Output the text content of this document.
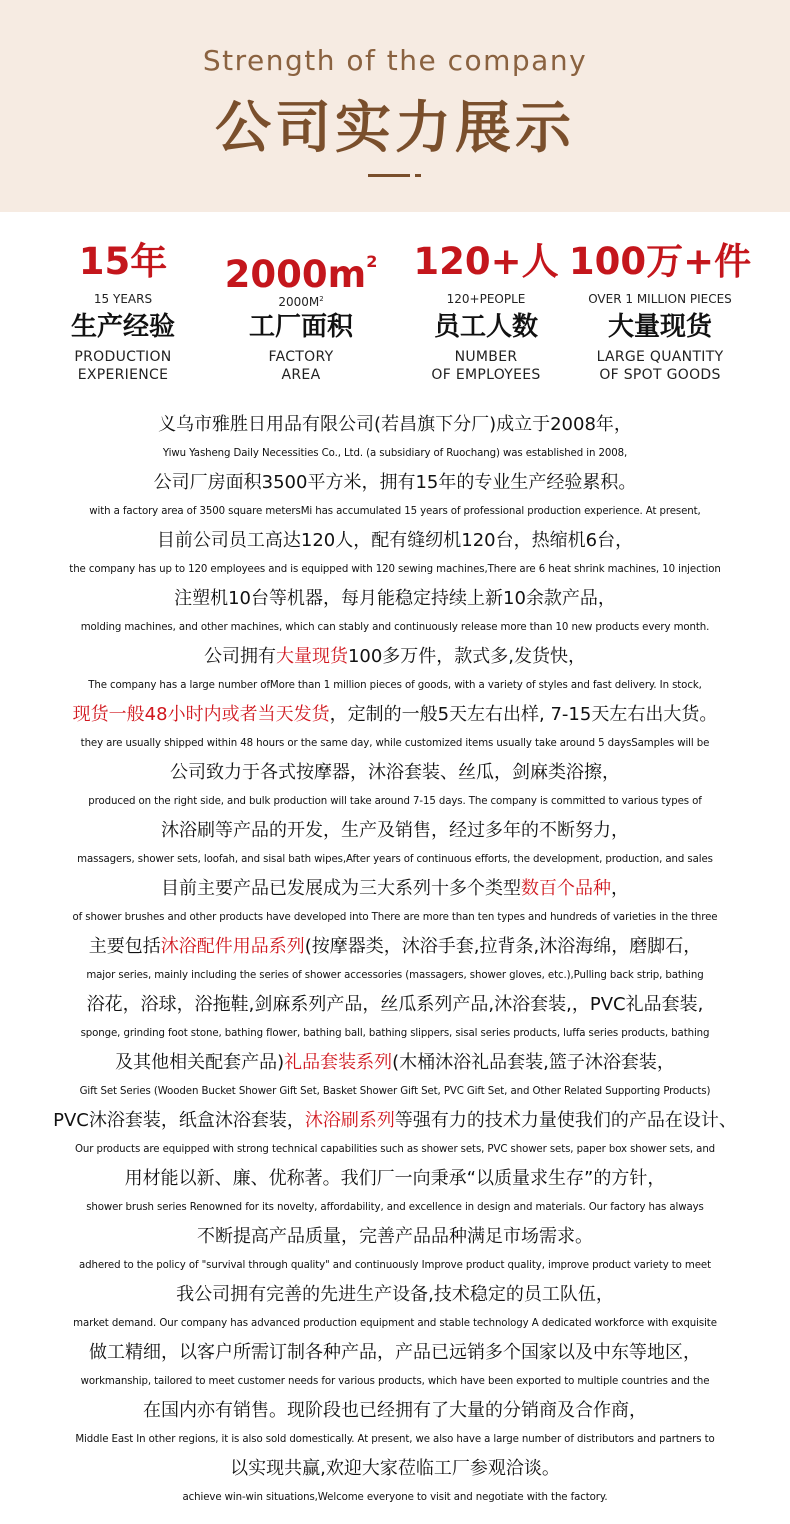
Strength of the company
公司实力展示
15年
15 YEARS
生产经验
PRODUCTION
EXPERIENCE
$2000m^2$
$2000M^2$
工厂面积
FACTORY
AREA
120+人
120+PEOPLE
员工人数
NUMBER
OF EMPLOYEES
100万+件
OVER 1 MILLION PIECES
大量现货
LARGE QUANTITY
OF SPOT GOODS
义乌市雅胜日用品有限公司(若昌旗下分厂)成立于2008年，
Yiwu Yasheng Daily Necessities Co., Ltd. (a subsidiary of Ruochang) was established in 2008,
公司厂房面积3500平方米，拥有15年的专业生产经验累积。
with a factory area of 3500 square metersMi has accumulated 15 years of professional production experience. At present,
目前公司员工高达120人，配有缝纫机120台，热缩机6台，
the company has up to 120 employees and is equipped with 120 sewing machines,There are 6 heat shrink machines, 10 injection
注塑机10台等机器，每月能稳定持续上新10余款产品，
molding machines, and other machines, which can stably and continuously release more than 10 new products every month.
公司拥有大量现货100多万件，款式多,发货快，
The company has a large number ofMore than 1 million pieces of goods, with a variety of styles and fast delivery. In stock,
现货一般48小时内或者当天发货，定制的一般5天左右出样, 7-15天左右出大货。
they are usually shipped within 48 hours or the same day, while customized items usually take around 5 daysSamples will be
公司致力于各式按摩器，沐浴套装、丝瓜，剑麻类浴擦，
produced on the right side, and bulk production will take around 7-15 days. The company is committed to various types of
沐浴刷等产品的开发，生产及销售，经过多年的不断努力，
massagers, shower sets, loofah, and sisal bath wipes,After years of continuous efforts, the development, production, and sales
目前主要产品已发展成为三大系列十多个类型数百个品种，
of shower brushes and other products have developed into There are more than ten types and hundreds of varieties in the three
主要包括沐浴配件用品系列(按摩器类，沐浴手套,拉背条,沐浴海绵，磨脚石，
major series, mainly including the series of shower accessories (massagers, shower gloves, etc.),Pulling back strip, bathing
浴花，浴球，浴拖鞋,剑麻系列产品，丝瓜系列产品,沐浴套装,，PVC礼品套装,
sponge, grinding foot stone, bathing flower, bathing ball, bathing slippers, sisal series products, luffa series products, bathing
及其他相关配套产品)礼品套装系列(木桶沐浴礼品套装,篮子沐浴套装，
Gift Set Series (Wooden Bucket Shower Gift Set, Basket Shower Gift Set, PVC Gift Set, and Other Related Supporting Products)
PVC沐浴套装，纸盒沐浴套装，沐浴刷系列等强有力的技术力量使我们的产品在设计、
Our products are equipped with strong technical capabilities such as shower sets, PVC shower sets, paper box shower sets, and
用材能以新、廉、优称著。我们厂一向秉承“以质量求生存”的方针，
shower brush series Renowned for its novelty, affordability, and excellence in design and materials. Our factory has always
不断提高产品质量，完善产品品种满足市场需求。
adhered to the policy of "survival through quality" and continuously Improve product quality, improve product variety to meet
我公司拥有完善的先进生产设备,技术稳定的员工队伍，
market demand. Our company has advanced production equipment and stable technology A dedicated workforce with exquisite
做工精细，以客户所需订制各种产品，产品已远销多个国家以及中东等地区，
workmanship, tailored to meet customer needs for various products, which have been exported to multiple countries and the
在国内亦有销售。现阶段也已经拥有了大量的分销商及合作商，
Middle East In other regions, it is also sold domestically. At present, we also have a large number of distributors and partners to
以实现共赢,欢迎大家莅临工厂参观洽谈。
achieve win-win situations,Welcome everyone to visit and negotiate with the factory.
